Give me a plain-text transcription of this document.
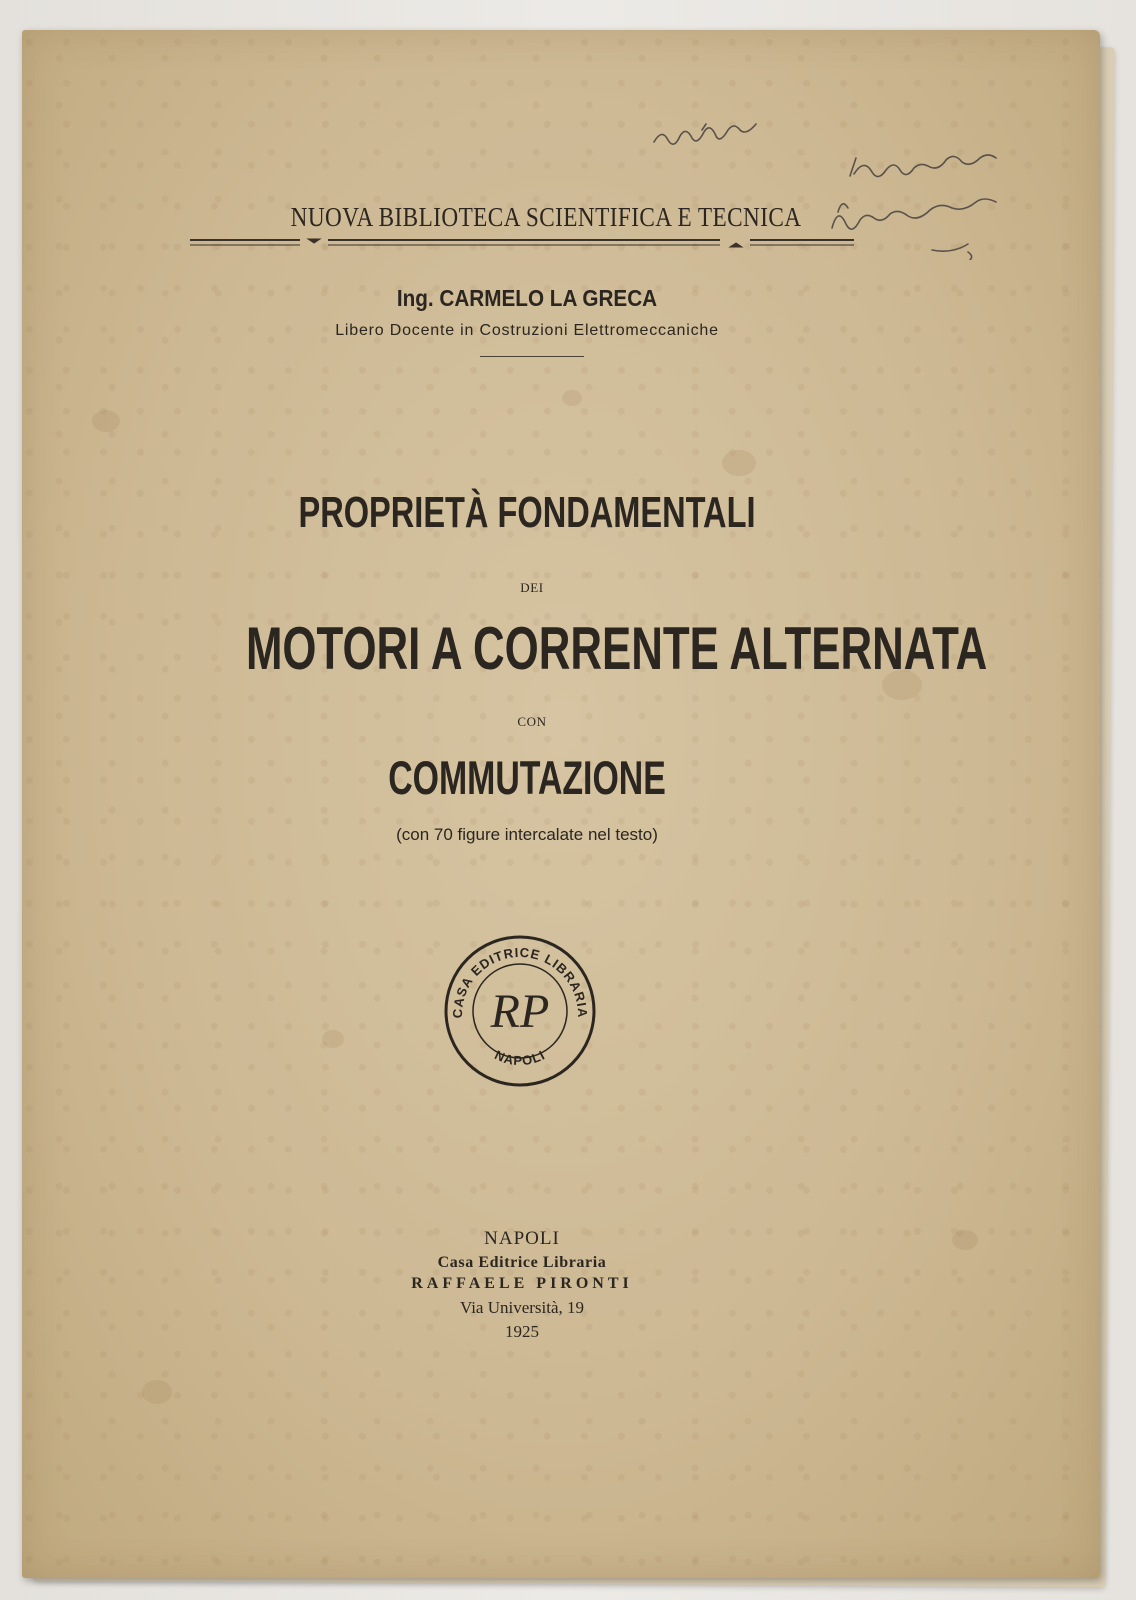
NUOVA BIBLIOTECA SCIENTIFICA E TECNICA
Ing. CARMELO LA GRECA
Libero Docente in Costruzioni Elettromeccaniche
PROPRIETÀ FONDAMENTALI
DEI
MOTORI A CORRENTE ALTERNATA
CON
COMMUTAZIONE
(con 70 figure intercalate nel testo)
CASA EDITRICE LIBRARIA
NAPOLI
RP
NAPOLI
Casa Editrice Libraria
RAFFAELE PIRONTI
Via Università, 19
1925
